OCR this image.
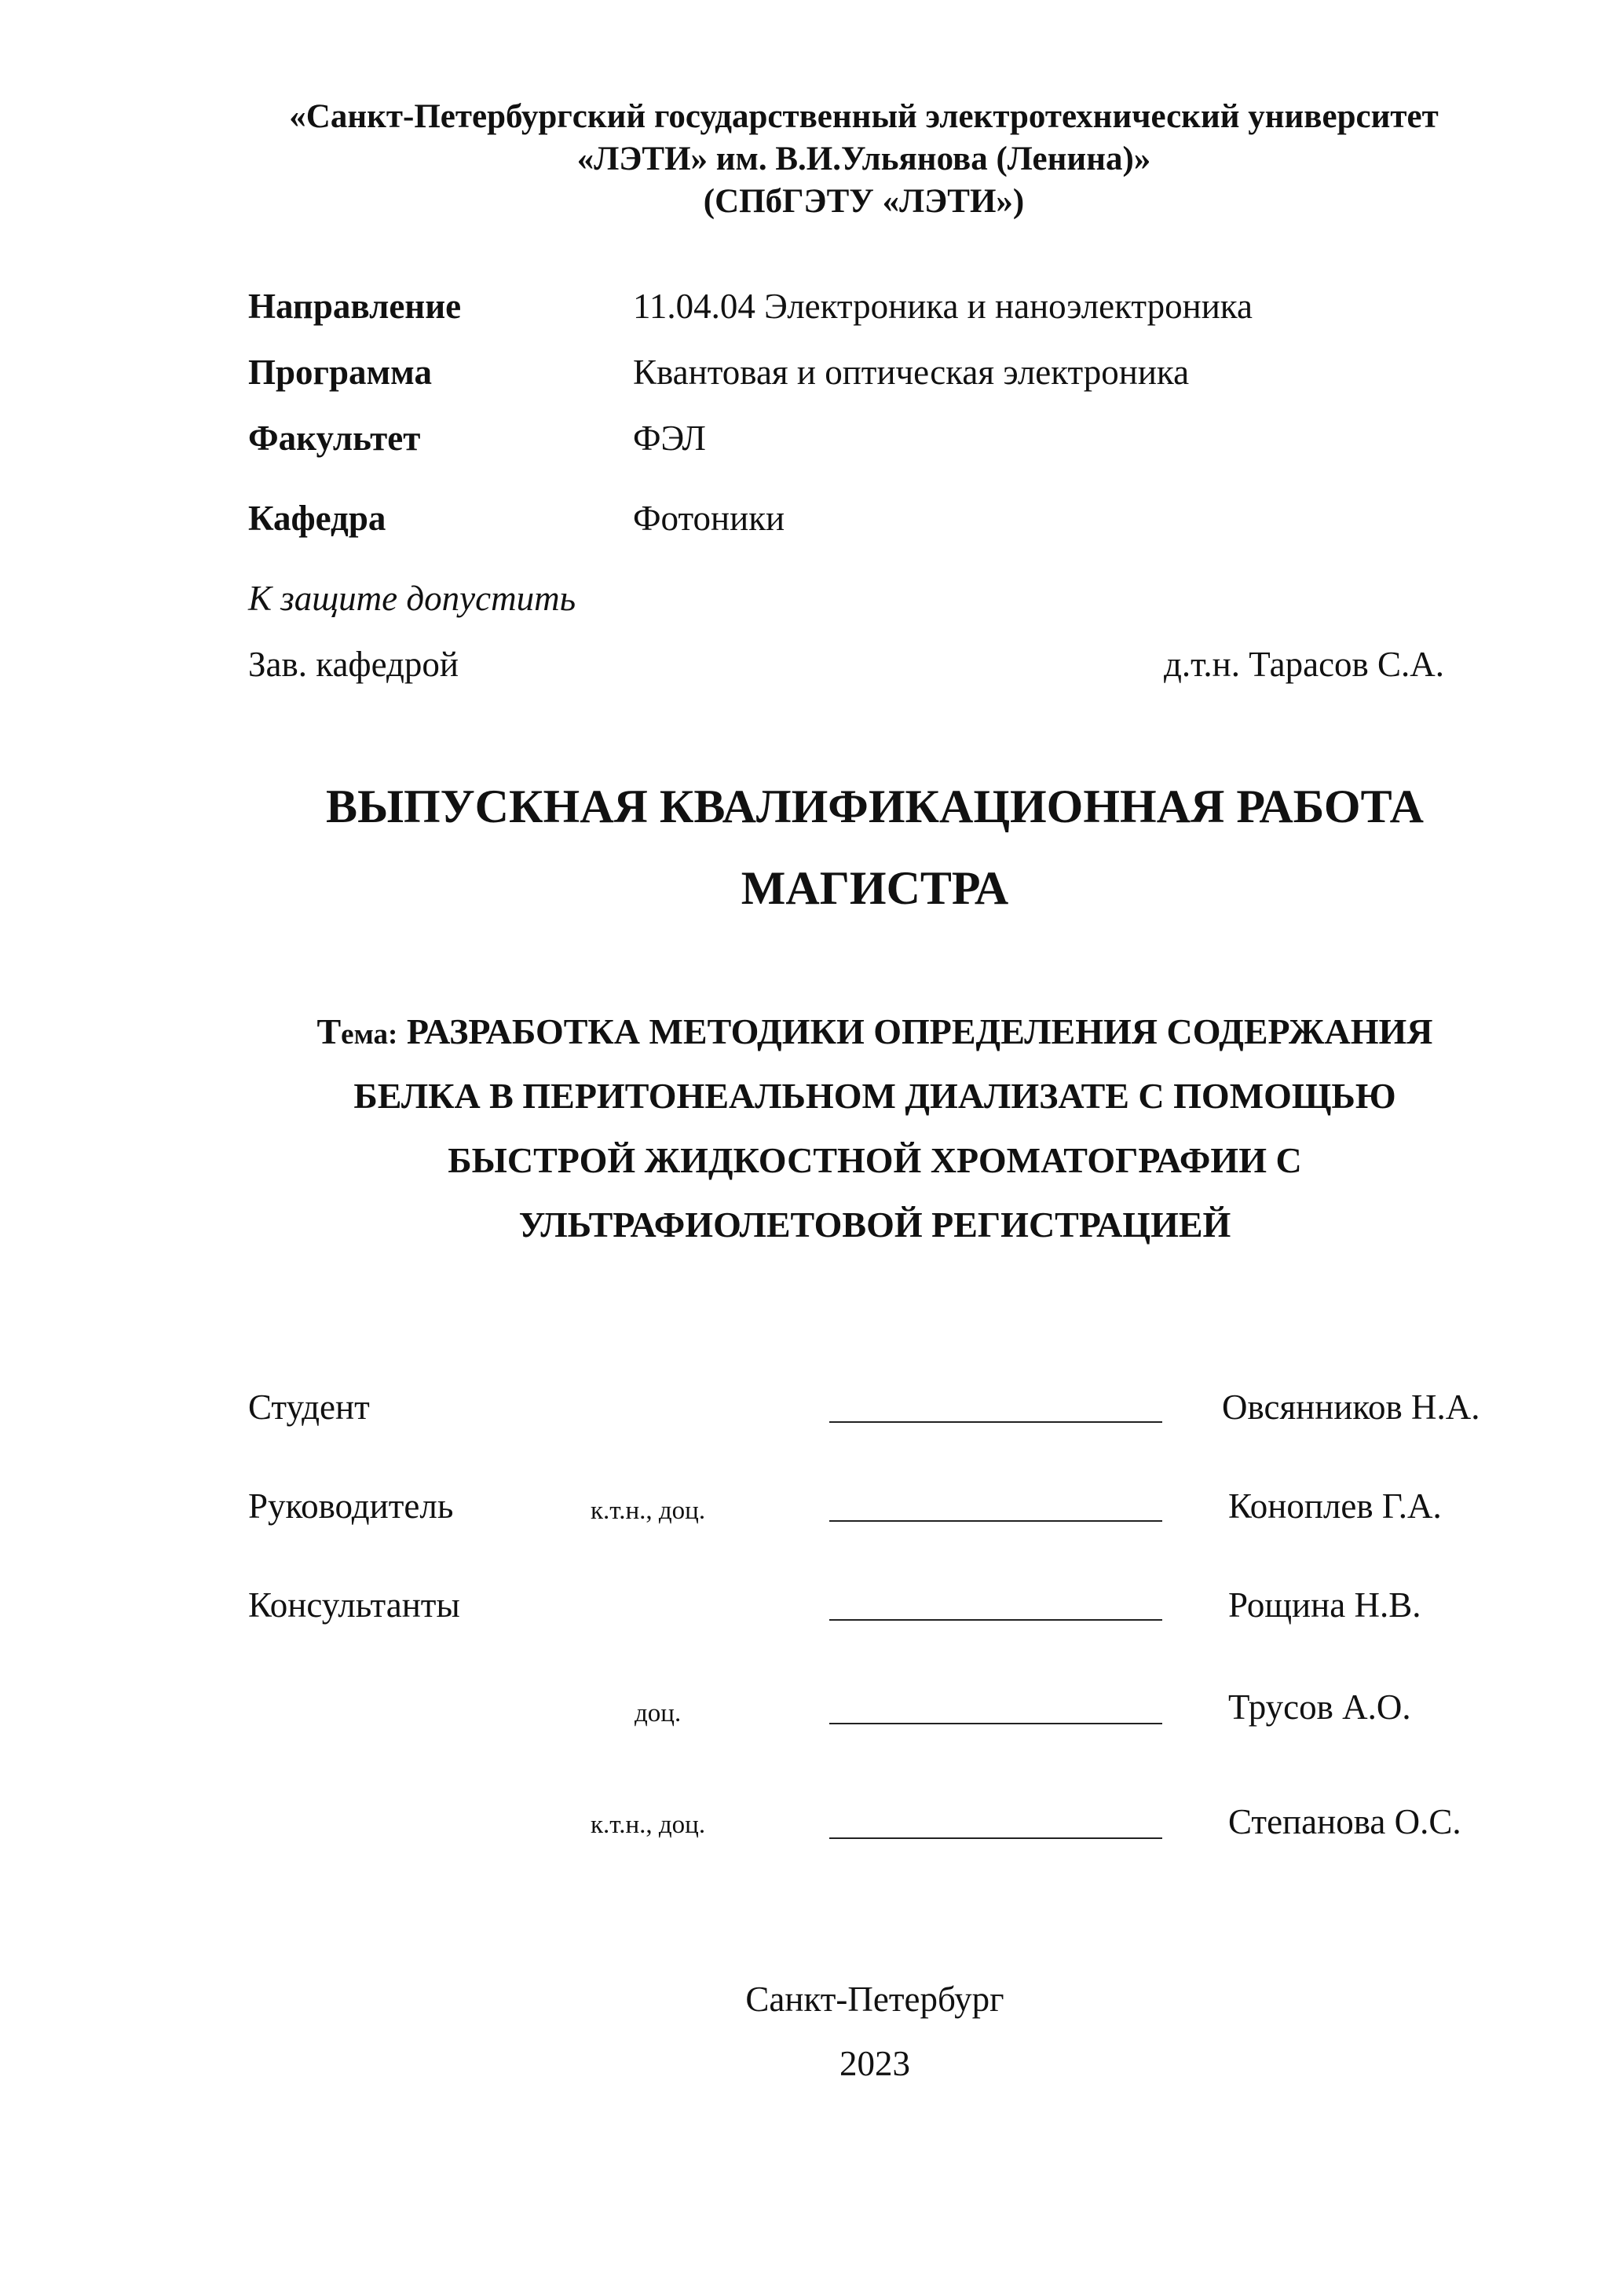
«Санкт-Петербургский государственный электротехнический университет
«ЛЭТИ» им. В.И.Ульянова (Ленина)»
(СПбГЭТУ «ЛЭТИ»)
Направление	11.04.04 Электроника и наноэлектроника
Программа	Квантовая и оптическая электроника
Факультет	ФЭЛ
Кафедра	Фотоники
К защите допустить
Зав. кафедрой	д.т.н. Тарасов С.А.
ВЫПУСКНАЯ КВАЛИФИКАЦИОННАЯ РАБОТА
МАГИСТРА
Тема: РАЗРАБОТКА МЕТОДИКИ ОПРЕДЕЛЕНИЯ СОДЕРЖАНИЯ
БЕЛКА В ПЕРИТОНЕАЛЬНОМ ДИАЛИЗАТЕ С ПОМОЩЬЮ
БЫСТРОЙ ЖИДКОСТНОЙ ХРОМАТОГРАФИИ С
УЛЬТРАФИОЛЕТОВОЙ РЕГИСТРАЦИЕЙ
Студент	Овсянников Н.А.
Руководитель	к.т.н., доц.	Коноплев Г.А.
Консультанты	Рощина Н.В.
доц.	Трусов А.О.
к.т.н., доц.	Степанова О.С.
Санкт-Петербург
2023
